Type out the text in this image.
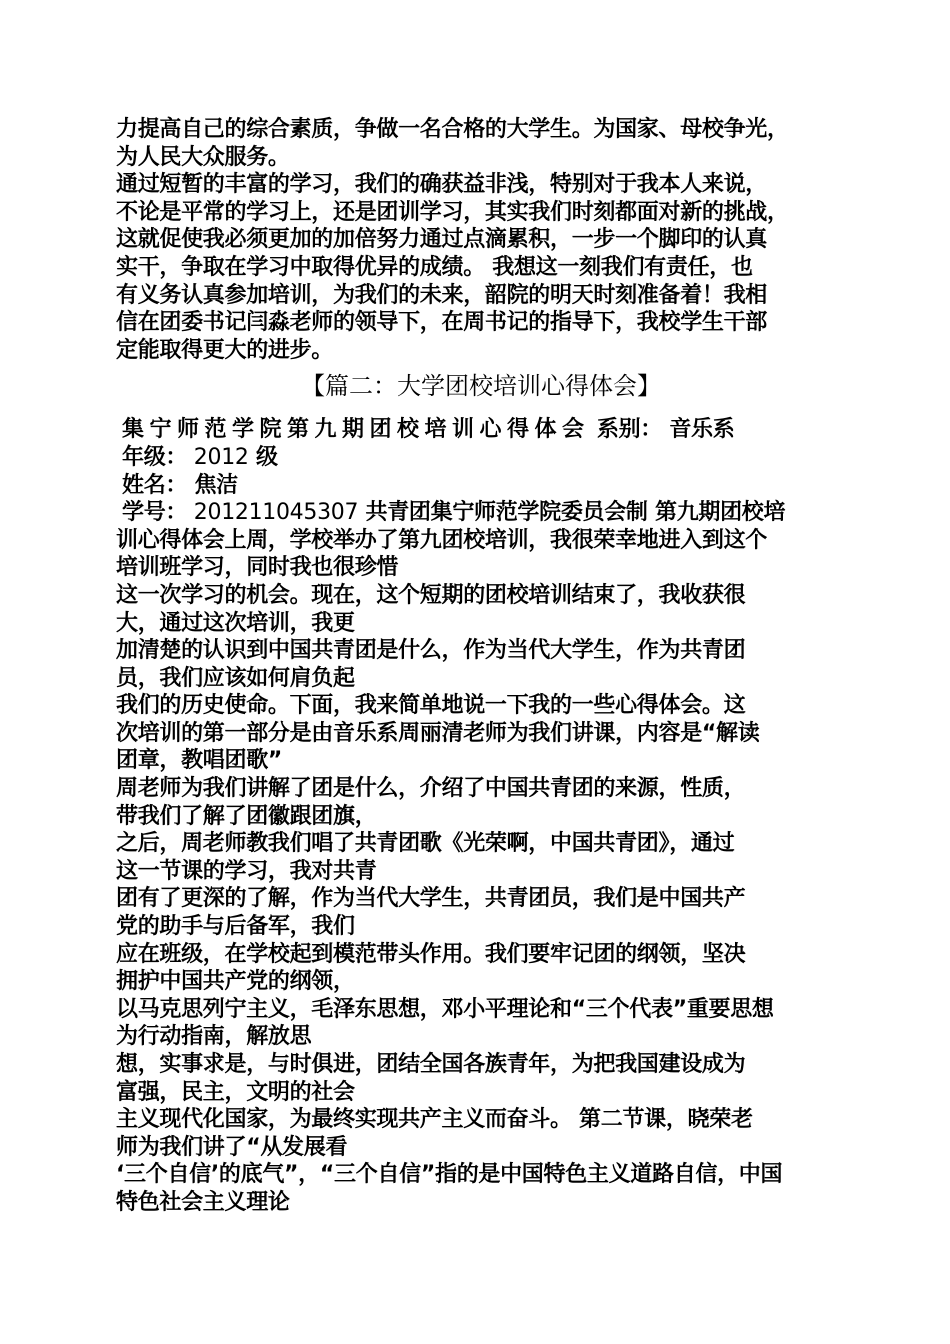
力提高自己的综合素质，争做一名合格的大学生。为国家、母校争光，
为人民大众服务。
通过短暂的丰富的学习，我们的确获益非浅，特别对于我本人来说，
不论是平常的学习上，还是团训学习，其实我们时刻都面对新的挑战，
这就促使我必须更加的加倍努力通过点滴累积，一步一个脚印的认真
实干，争取在学习中取得优异的成绩。 我想这一刻我们有责任，也
有义务认真参加培训，为我们的未来，韶院的明天时刻准备着！我相
信在团委书记闫淼老师的领导下，在周书记的指导下，我校学生干部
定能取得更大的进步。
【篇二：大学团校培训心得体会】
集宁师范学院第九期团校培训心得体会 系别： 音乐系
年级： 2012 级
姓名： 焦洁
学号： 201211045307 共青团集宁师范学院委员会制 第九期团校培
训心得体会上周，学校举办了第九团校培训，我很荣幸地进入到这个
培训班学习，同时我也很珍惜
这一次学习的机会。现在，这个短期的团校培训结束了，我收获很
大，通过这次培训，我更
加清楚的认识到中国共青团是什么，作为当代大学生，作为共青团
员，我们应该如何肩负起
我们的历史使命。下面，我来简单地说一下我的一些心得体会。这
次培训的第一部分是由音乐系周丽清老师为我们讲课，内容是“解读
团章，教唱团歌”
周老师为我们讲解了团是什么，介绍了中国共青团的来源，性质，
带我们了解了团徽跟团旗，
之后，周老师教我们唱了共青团歌《光荣啊，中国共青团》，通过
这一节课的学习，我对共青
团有了更深的了解，作为当代大学生，共青团员，我们是中国共产
党的助手与后备军，我们
应在班级，在学校起到模范带头作用。我们要牢记团的纲领，坚决
拥护中国共产党的纲领，
以马克思列宁主义，毛泽东思想，邓小平理论和“三个代表”重要思想
为行动指南，解放思
想，实事求是，与时俱进，团结全国各族青年，为把我国建设成为
富强，民主，文明的社会
主义现代化国家，为最终实现共产主义而奋斗。 第二节课，晓荣老
师为我们讲了“从发展看
‘三个自信’的底气”，“三个自信”指的是中国特色主义道路自信，中国
特色社会主义理论
